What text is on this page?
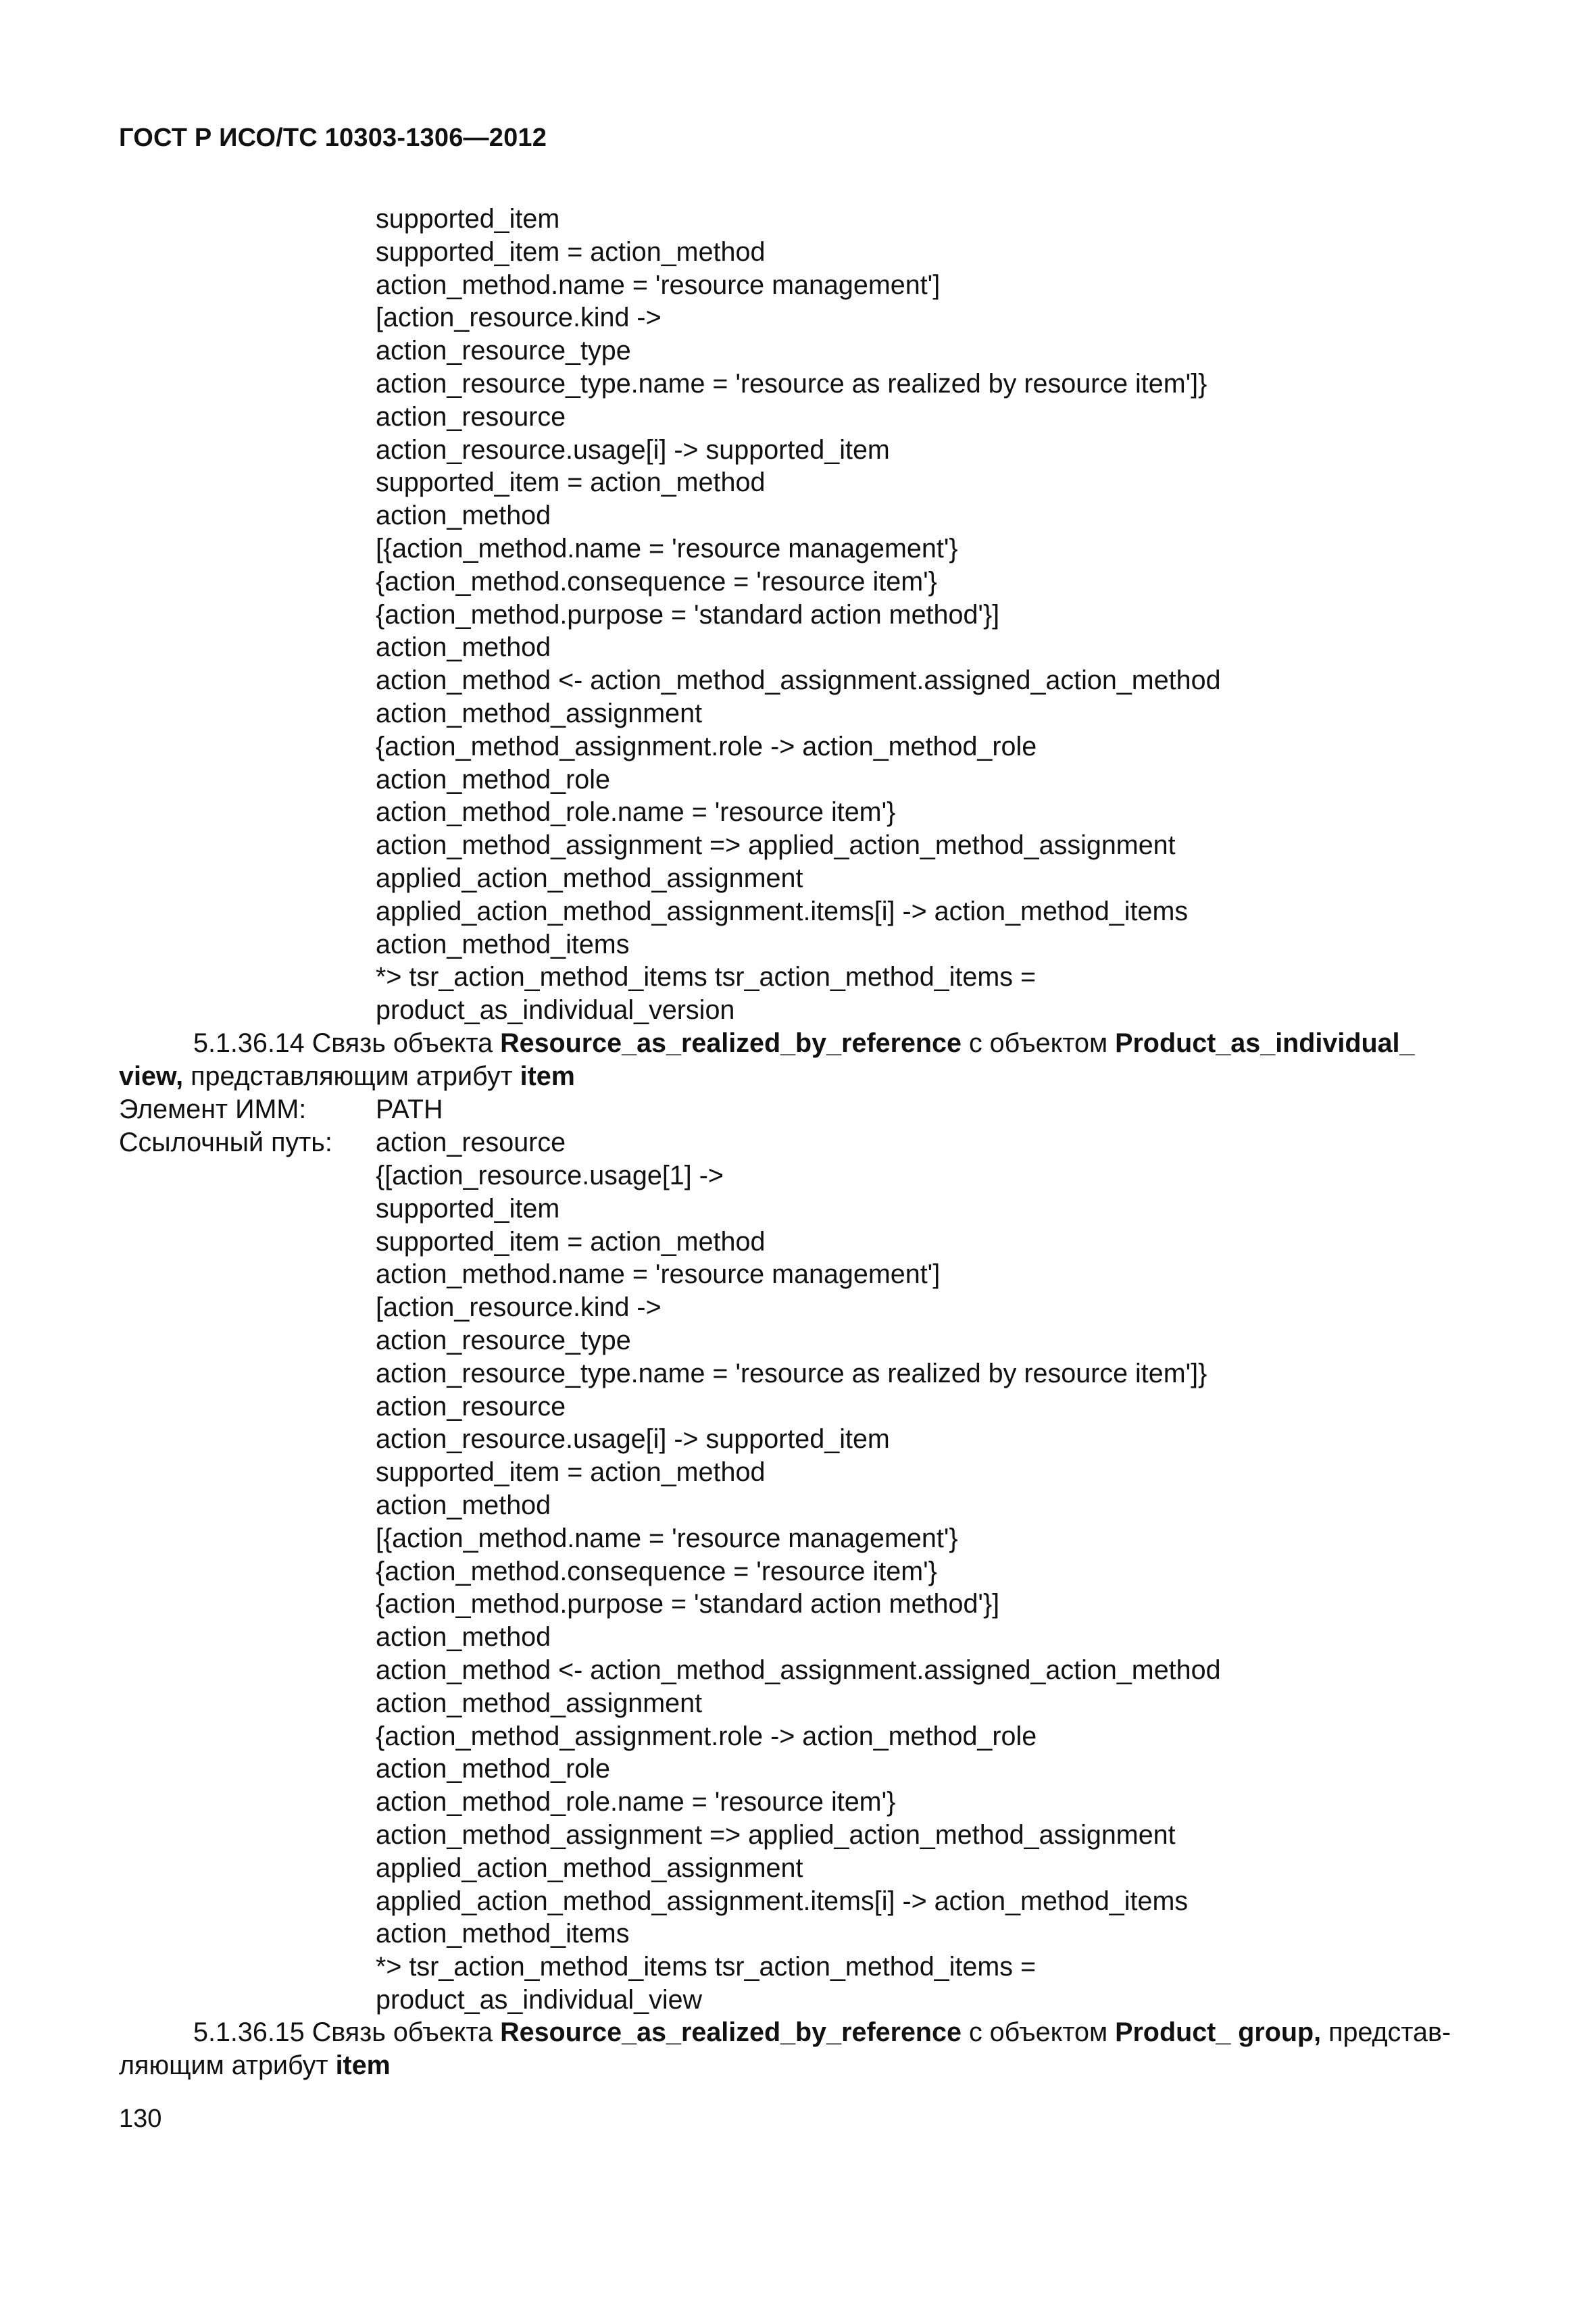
ГОСТ Р ИСО/ТС 10303-1306—2012
supported_item
supported_item = action_method
action_method.name = 'resource management']
[action_resource.kind ->
action_resource_type
action_resource_type.name = 'resource as realized by resource item']}
action_resource
action_resource.usage[i] -> supported_item
supported_item = action_method
action_method
[{action_method.name = 'resource management'}
{action_method.consequence = 'resource item'}
{action_method.purpose = 'standard action method'}]
action_method
action_method <- action_method_assignment.assigned_action_method
action_method_assignment
{action_method_assignment.role -> action_method_role
action_method_role
action_method_role.name = 'resource item'}
action_method_assignment => applied_action_method_assignment
applied_action_method_assignment
applied_action_method_assignment.items[i] -> action_method_items
action_method_items
*> tsr_action_method_items tsr_action_method_items =
product_as_individual_version
5.1.36.14 Связь объекта Resource_as_realized_by_reference с объектом Product_as_individual_
view, представляющим атрибут item
Элемент ИММ:	PATH
Ссылочный путь: action_resource
{[action_resource.usage[1] ->
supported_item
supported_item = action_method
action_method.name = 'resource management']
[action_resource.kind ->
action_resource_type
action_resource_type.name = 'resource as realized by resource item']}
action_resource
action_resource.usage[i] -> supported_item
supported_item = action_method
action_method
[{action_method.name = 'resource management'}
{action_method.consequence = 'resource item'}
{action_method.purpose = 'standard action method'}]
action_method
action_method <- action_method_assignment.assigned_action_method
action_method_assignment
{action_method_assignment.role -> action_method_role
action_method_role
action_method_role.name = 'resource item'}
action_method_assignment => applied_action_method_assignment
applied_action_method_assignment
applied_action_method_assignment.items[i] -> action_method_items
action_method_items
*> tsr_action_method_items tsr_action_method_items =
product_as_individual_view
5.1.36.15 Связь объекта Resource_as_realized_by_reference с объектом Product_ group, представ-
ляющим атрибут item
130
